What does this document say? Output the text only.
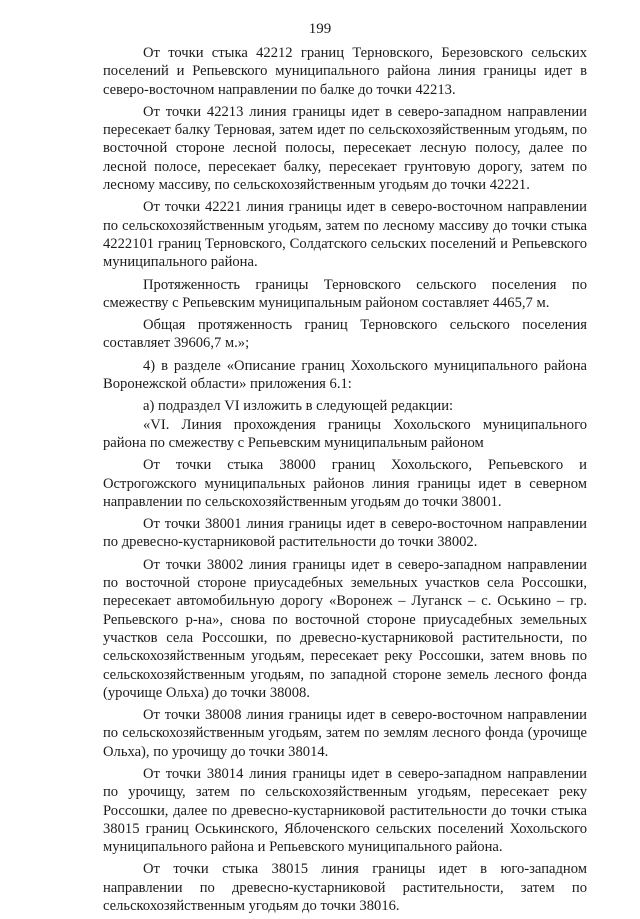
199

От точки стыка 42212 границ Терновского, Березовского сельских поселений и Репьевского муниципального района линия границы идет в северо-восточном направлении по балке до точки 42213.

От точки 42213 линия границы идет в северо-западном направлении пересекает балку Терновая, затем идет по сельскохозяйственным угодьям, по восточной стороне лесной полосы, пересекает лесную полосу, далее по лесной полосе, пересекает балку, пересекает грунтовую дорогу, затем по лесному массиву, по сельскохозяйственным угодьям до точки 42221.

От точки 42221 линия границы идет в северо-восточном направлении по сельскохозяйственным угодьям, затем по лесному массиву до точки стыка 4222101 границ Терновского, Солдатского сельских поселений и Репьевского муниципального района.

Протяженность границы Терновского сельского поселения по смежеству с Репьевским муниципальным районом составляет 4465,7 м.

Общая протяженность границ Терновского сельского поселения составляет 39606,7 м.»;

4) в разделе «Описание границ Хохольского муниципального района Воронежской области» приложения 6.1:

а) подраздел VI изложить в следующей редакции:

«VI. Линия прохождения границы Хохольского муниципального района по смежеству с Репьевским муниципальным районом

От точки стыка 38000 границ Хохольского, Репьевского и Острогожского муниципальных районов линия границы идет в северном направлении по сельскохозяйственным угодьям до точки 38001.

От точки 38001 линия границы идет в северо-восточном направлении по древесно-кустарниковой растительности до точки 38002.

От точки 38002 линия границы идет в северо-западном направлении по восточной стороне приусадебных земельных участков села Россошки, пересекает автомобильную дорогу «Воронеж – Луганск – с. Оськино – гр. Репьевского р-на», снова по восточной стороне приусадебных земельных участков села Россошки, по древесно-кустарниковой растительности, по сельскохозяйственным угодьям, пересекает реку Россошки, затем вновь по сельскохозяйственным угодьям, по западной стороне земель лесного фонда (урочище Ольха) до точки 38008.

От точки 38008 линия границы идет в северо-восточном направлении по сельскохозяйственным угодьям, затем по землям лесного фонда (урочище Ольха), по урочищу до точки 38014.

От точки 38014 линия границы идет в северо-западном направлении по урочищу, затем по сельскохозяйственным угодьям, пересекает реку Россошки, далее по древесно-кустарниковой растительности до точки стыка 38015 границ Оськинского, Яблоченского сельских поселений Хохольского муниципального района и Репьевского муниципального района.

От точки стыка 38015 линия границы идет в юго-западном направлении по древесно-кустарниковой растительности, затем по сельскохозяйственным угодьям до точки 38016.
